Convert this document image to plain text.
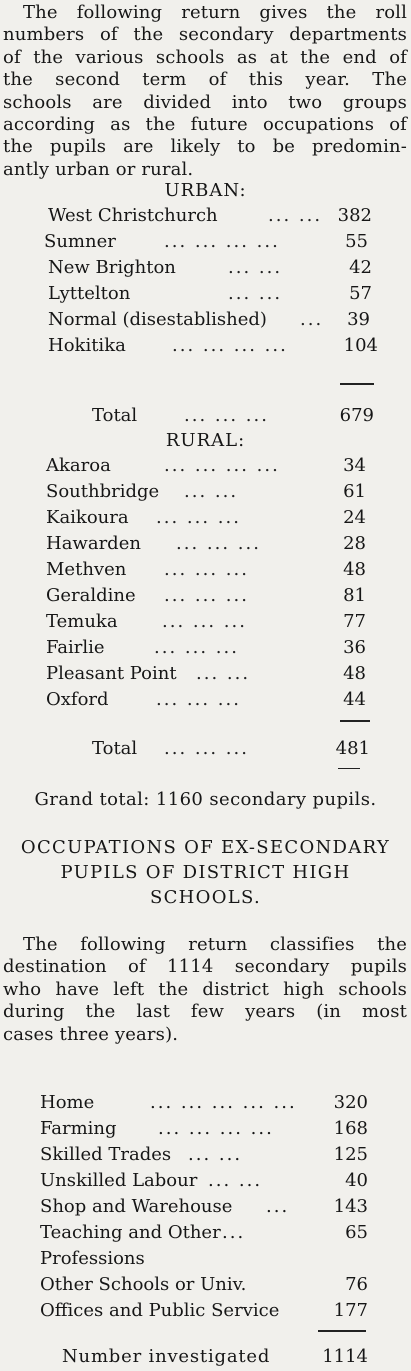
The following return gives the roll
numbers of the secondary departments
of the various schools as at the end of
the second term of this year. The
schools are divided into two groups
according as the future occupations of
the pupils are likely to be predomin-
antly urban or rural.
URBAN:
West Christchurch	... ... 382
Sumner	... ... ... ...	55
New Brighton	... ...	42
Lyttelton	... ...	57
Normal (disestablished) ... 39
Hokitika	... ... ... ...	104
Total	... ... ...	679
RURAL:
Akaroa	... ... ... ...	34
Southbridge ... ...	61
Kaikoura ... ... ...	24
Hawarden ... ... ...	28
Methven ... ... ...	48
Geraldine ... ... ...	81
Temuka ... ... ...	77
Fairlie	... ... ...	36
Pleasant Point ... ...	48
Oxford	... ... ...	44
Total ... ... ...	481
Grand total: 1160 secondary pupils.
OCCUPATIONS OF EX-SECONDARY
PUPILS OF DISTRICT HIGH
SCHOOLS.
The following return classifies the
destination of 1114 secondary pupils
who have left the district high schools
during the last few years (in most
cases three years).
Home	... ... ... ... ... 320
Farming ... ... ... ...	168
Skilled Trades ... ...	125
Unskilled Labour ... ...	40
Shop and Warehouse ... 143
Teaching and Other ...	65
Professions
Other Schools or Univ.	76
Offices and Public Service	177
Number investigated	1114
